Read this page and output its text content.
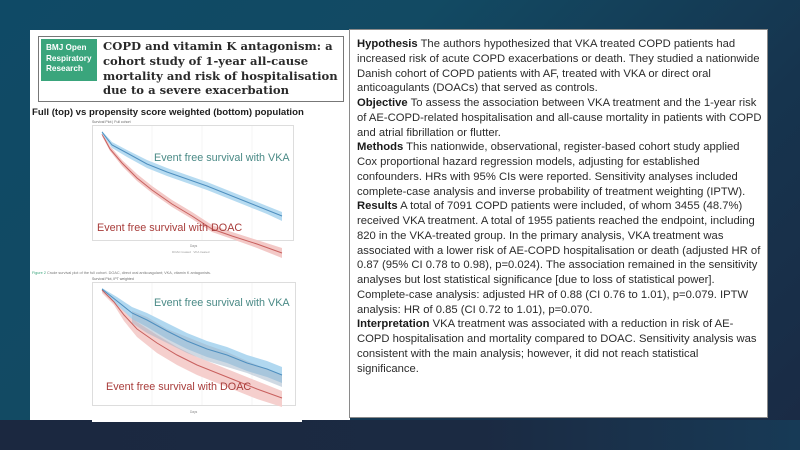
BMJ Open
Respiratory
Research
COPD and vitamin K antagonism: a cohort study of 1-year all-cause mortality and risk of hospitalisation due to a severe exacerbation
Full (top) vs propensity score weighted (bottom) population
Survival Plot | Full cohort
Event free survival with VKA
Event free survival with DOAC
Days
DOAC treated VKA treated
Figure 2 Crude survival plot of the full cohort. DOAC, direct oral anticoagulant; VKA, vitamin K antagonists.
Survival Plot, IPT weighted
Event free survival with VKA
Event free survival with DOAC
Days

Hypothesis The authors hypothesized that VKA treated COPD patients had increased risk of acute COPD exacerbations or death. They studied a nationwide Danish cohort of COPD patients with AF, treated with VKA or direct oral anticoagulants (DOACs) that served as controls.

Objective To assess the association between VKA treatment and the 1-year risk of AE-COPD-related hospitalisation and all-cause mortality in patients with COPD and atrial fibrillation or flutter.

Methods This nationwide, observational, register-based cohort study applied Cox proportional hazard regression models, adjusting for established confounders. HRs with 95% CIs were reported. Sensitivity analyses included complete-case analysis and inverse probability of treatment weighting (IPTW).

Results A total of 7091 COPD patients were included, of whom 3455 (48.7%) received VKA treatment. A total of 1955 patients reached the endpoint, including 820 in the VKA-treated group. In the primary analysis, VKA treatment was associated with a lower risk of AE-COPD hospitalisation or death (adjusted HR of 0.87 (95% CI 0.78 to 0.98), p=0.024). The association remained in the sensitivity analyses but lost statistical significance [due to loss of statistical power]. Complete-case analysis: adjusted HR of 0.88 (CI 0.76 to 1.01), p=0.079. IPTW analysis: HR of 0.85 (CI 0.72 to 1.01), p=0.070.

Interpretation VKA treatment was associated with a reduction in risk of AE-COPD hospitalisation and mortality compared to DOAC. Sensitivity analysis was consistent with the main analysis; however, it did not reach statistical significance.
